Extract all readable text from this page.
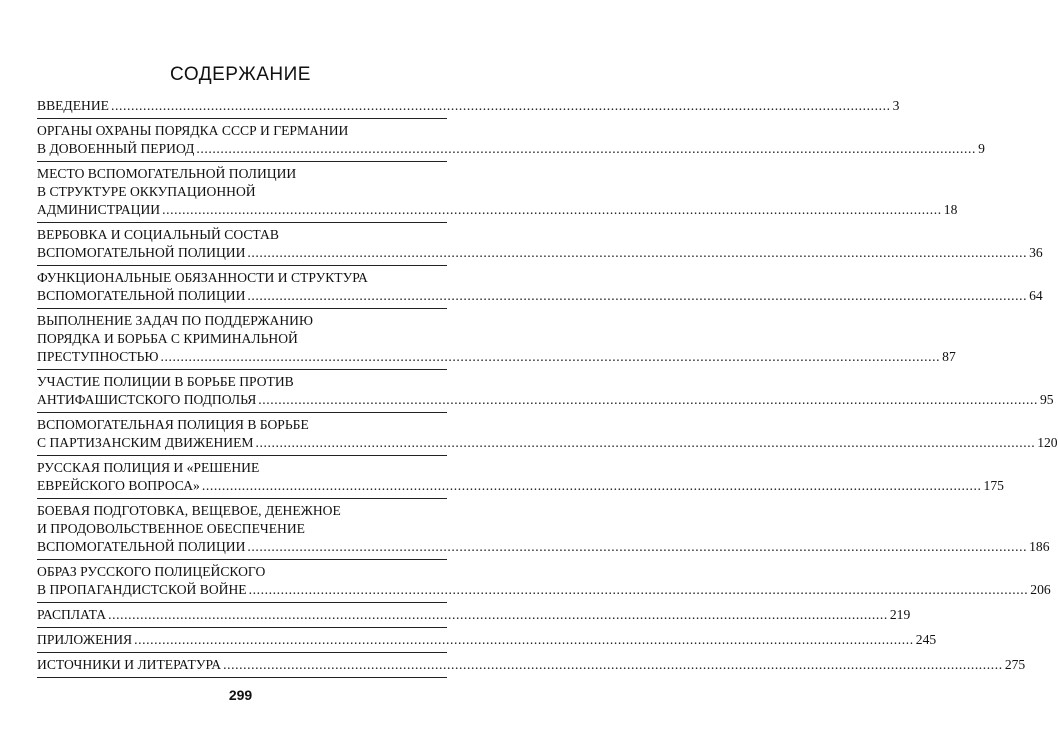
СОДЕРЖАНИЕ
ВВЕДЕНИЕ ................................................................................................................................................................................................... 3
ОРГАНЫ ОХРАНЫ ПОРЯДКА СССР И ГЕРМАНИИ
В ДОВОЕННЫЙ ПЕРИОД ................................................................................................................................................................................................... 9
МЕСТО ВСПОМОГАТЕЛЬНОЙ ПОЛИЦИИ
В СТРУКТУРЕ ОККУПАЦИОННОЙ
АДМИНИСТРАЦИИ ................................................................................................................................................................................................... 18
ВЕРБОВКА И СОЦИАЛЬНЫЙ СОСТАВ
ВСПОМОГАТЕЛЬНОЙ ПОЛИЦИИ ................................................................................................................................................................................................... 36
ФУНКЦИОНАЛЬНЫЕ ОБЯЗАННОСТИ И СТРУКТУРА
ВСПОМОГАТЕЛЬНОЙ ПОЛИЦИИ ................................................................................................................................................................................................... 64
ВЫПОЛНЕНИЕ ЗАДАЧ ПО ПОДДЕРЖАНИЮ
ПОРЯДКА И БОРЬБА С КРИМИНАЛЬНОЙ
ПРЕСТУПНОСТЬЮ ................................................................................................................................................................................................... 87
УЧАСТИЕ ПОЛИЦИИ В БОРЬБЕ ПРОТИВ
АНТИФАШИСТСКОГО ПОДПОЛЬЯ ................................................................................................................................................................................................... 95
ВСПОМОГАТЕЛЬНАЯ ПОЛИЦИЯ В БОРЬБЕ
С ПАРТИЗАНСКИМ ДВИЖЕНИЕМ ................................................................................................................................................................................................... 120
РУССКАЯ ПОЛИЦИЯ И «РЕШЕНИЕ
ЕВРЕЙСКОГО ВОПРОСА» ................................................................................................................................................................................................... 175
БОЕВАЯ ПОДГОТОВКА, ВЕЩЕВОЕ, ДЕНЕЖНОЕ
И ПРОДОВОЛЬСТВЕННОЕ ОБЕСПЕЧЕНИЕ
ВСПОМОГАТЕЛЬНОЙ ПОЛИЦИИ ................................................................................................................................................................................................... 186
ОБРАЗ РУССКОГО ПОЛИЦЕЙСКОГО
В ПРОПАГАНДИСТСКОЙ ВОЙНЕ ................................................................................................................................................................................................... 206
РАСПЛАТА ................................................................................................................................................................................................... 219
ПРИЛОЖЕНИЯ ................................................................................................................................................................................................... 245
ИСТОЧНИКИ И ЛИТЕРАТУРА ................................................................................................................................................................................................... 275
299
